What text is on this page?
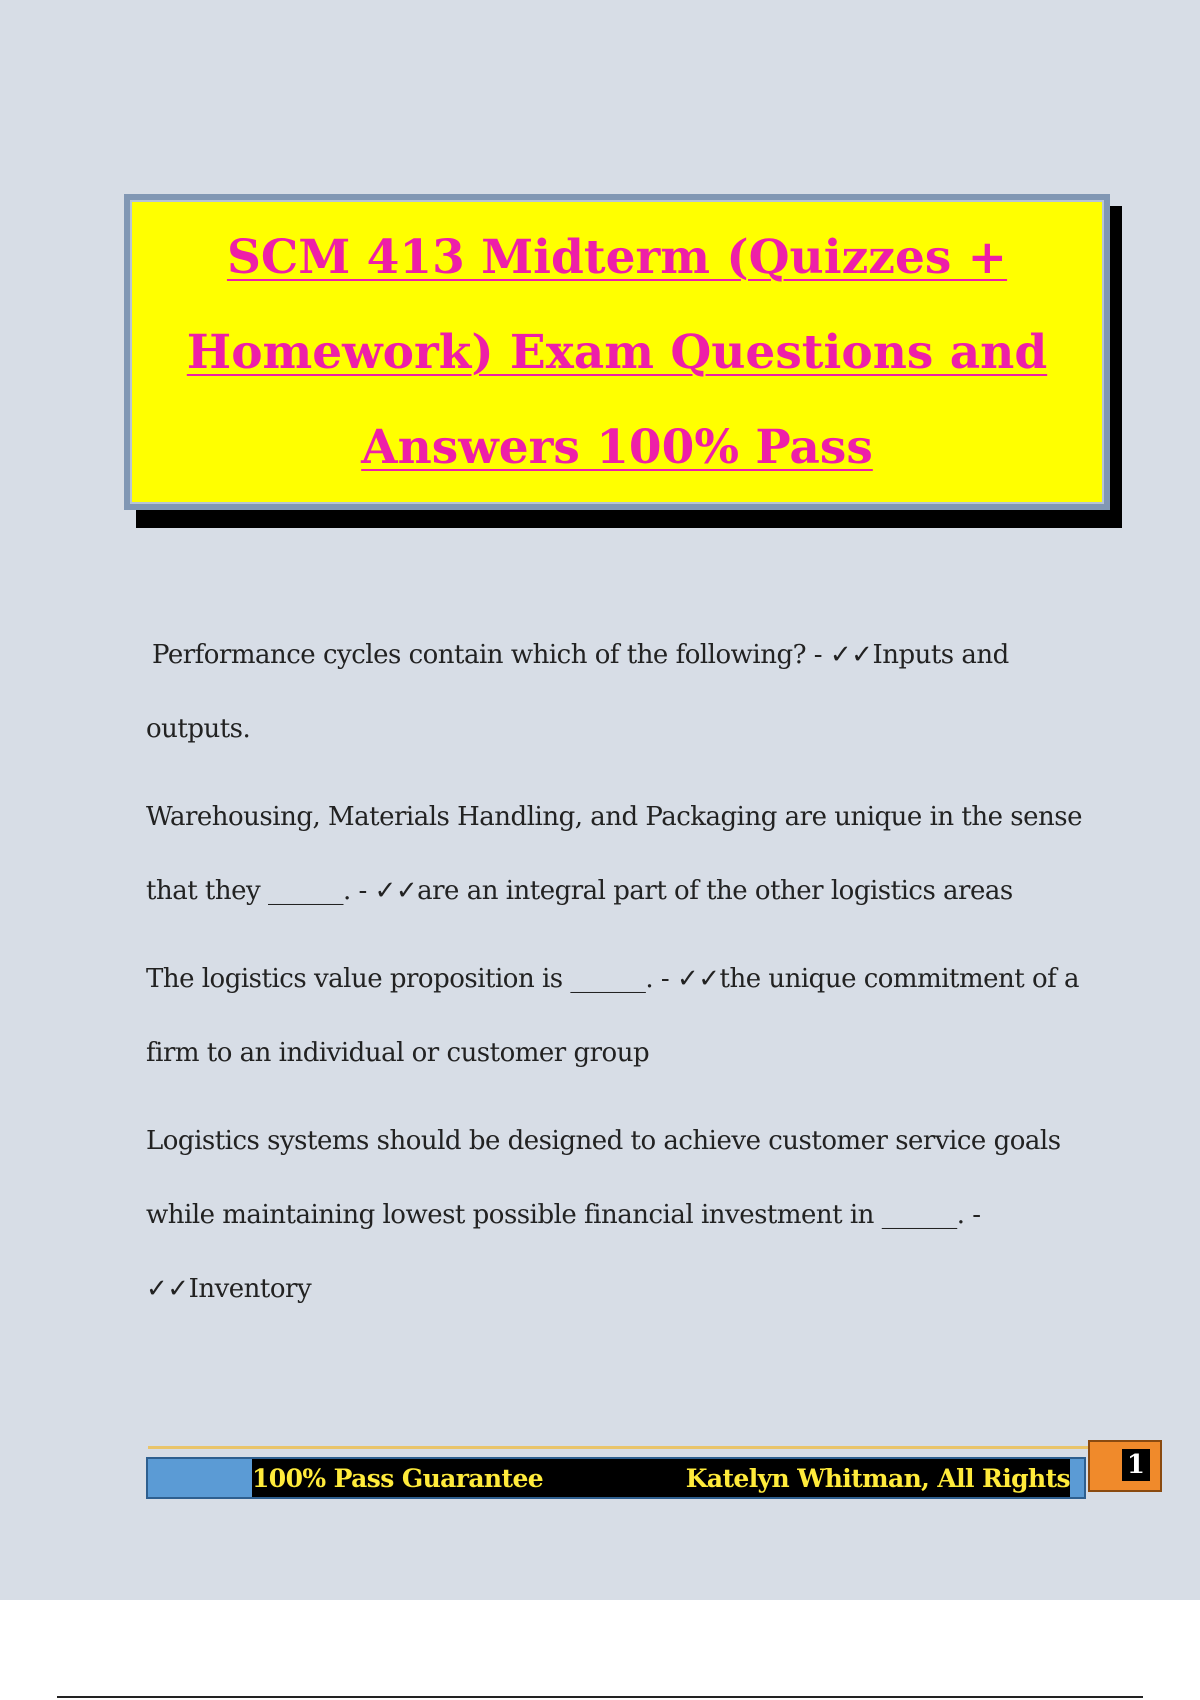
SCM 413 Midterm (Quizzes +
Homework) Exam Questions and
Answers 100% Pass

Performance cycles contain which of the following? - ✓✓Inputs and outputs.

Warehousing, Materials Handling, and Packaging are unique in the sense that they ______. - ✓✓are an integral part of the other logistics areas

The logistics value proposition is ______. - ✓✓the unique commitment of a firm to an individual or customer group

Logistics systems should be designed to achieve customer service goals while maintaining lowest possible financial investment in ______. - ✓✓Inventory

100% Pass Guarantee	Katelyn Whitman, All Rights 1
